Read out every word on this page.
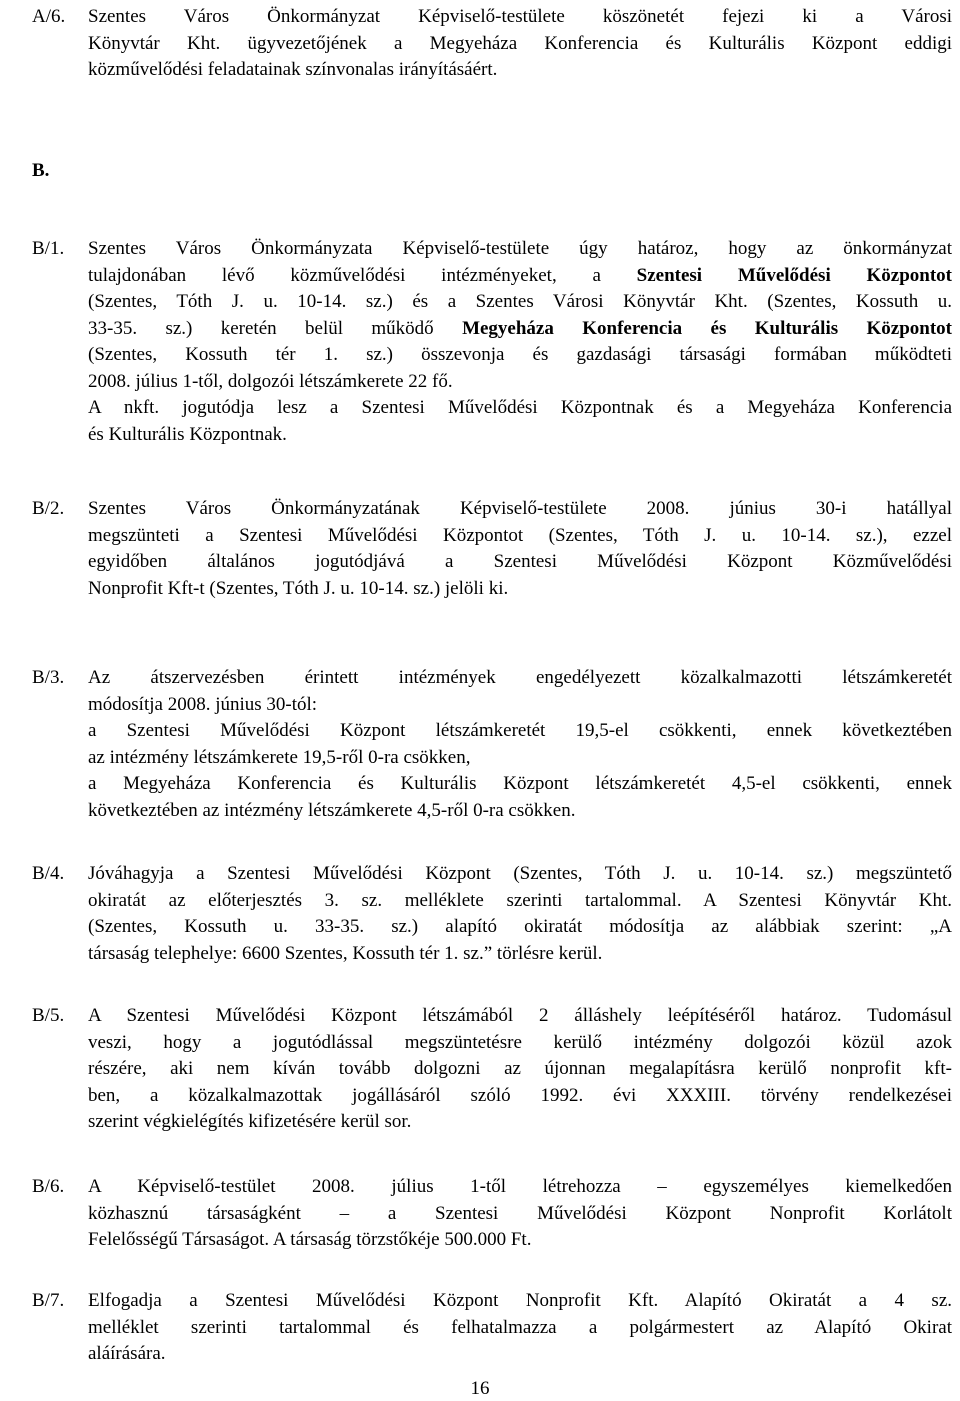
A/6.	Szentes Város Önkormányzat Képviselő-testülete köszönetét fejezi ki a Városi
Könyvtár Kht. ügyvezetőjének a Megyeháza Konferencia és Kulturális Központ eddigi
közművelődési feladatainak színvonalas irányításáért.
B.
B/1.	Szentes Város Önkormányzata Képviselő-testülete úgy határoz, hogy az önkormányzat
tulajdonában lévő közművelődési intézményeket, a Szentesi Művelődési Központot
(Szentes, Tóth J. u. 10-14. sz.) és a Szentes Városi Könyvtár Kht. (Szentes, Kossuth u.
33-35. sz.) keretén belül működő Megyeháza Konferencia és Kulturális Központot
(Szentes, Kossuth tér 1. sz.) összevonja és gazdasági társasági formában működteti
2008. július 1-től, dolgozói létszámkerete 22 fő.
A nkft. jogutódja lesz a Szentesi Művelődési Központnak és a Megyeháza Konferencia
és Kulturális Központnak.
B/2.	Szentes Város Önkormányzatának Képviselő-testülete 2008. június 30-i hatállyal
megszünteti a Szentesi Művelődési Központot (Szentes, Tóth J. u. 10-14. sz.), ezzel
egyidőben általános jogutódjává a Szentesi Művelődési Központ Közművelődési
Nonprofit Kft-t (Szentes, Tóth J. u. 10-14. sz.) jelöli ki.
B/3.	Az átszervezésben érintett intézmények engedélyezett közalkalmazotti létszámkeretét
módosítja 2008. június 30-tól:
a Szentesi Művelődési Központ létszámkeretét 19,5-el csökkenti, ennek következtében
az intézmény létszámkerete 19,5-ről 0-ra csökken,
a Megyeháza Konferencia és Kulturális Központ létszámkeretét 4,5-el csökkenti, ennek
következtében az intézmény létszámkerete 4,5-ről 0-ra csökken.
B/4.	Jóváhagyja a Szentesi Művelődési Központ (Szentes, Tóth J. u. 10-14. sz.) megszüntető
okiratát az előterjesztés 3. sz. melléklete szerinti tartalommal. A Szentesi Könyvtár Kht.
(Szentes, Kossuth u. 33-35. sz.) alapító okiratát módosítja az alábbiak szerint: „A
társaság telephelye: 6600 Szentes, Kossuth tér 1. sz.” törlésre kerül.
B/5.	A Szentesi Művelődési Központ létszámából 2 álláshely leépítéséről határoz. Tudomásul
veszi, hogy a jogutódlással megszüntetésre kerülő intézmény dolgozói közül azok
részére, aki nem kíván tovább dolgozni az újonnan megalapításra kerülő nonprofit kft-
ben, a közalkalmazottak jogállásáról szóló 1992. évi XXXIII. törvény rendelkezései
szerint végkielégítés kifizetésére kerül sor.
B/6.	A Képviselő-testület 2008. július 1-től létrehozza – egyszemélyes kiemelkedően
közhasznú társaságként – a Szentesi Művelődési Központ Nonprofit Korlátolt
Felelősségű Társaságot. A társaság törzstőkéje 500.000 Ft.
B/7.	Elfogadja a Szentesi Művelődési Központ Nonprofit Kft. Alapító Okiratát a 4 sz.
melléklet szerinti tartalommal és felhatalmazza a polgármestert az Alapító Okirat
aláírására.
16
